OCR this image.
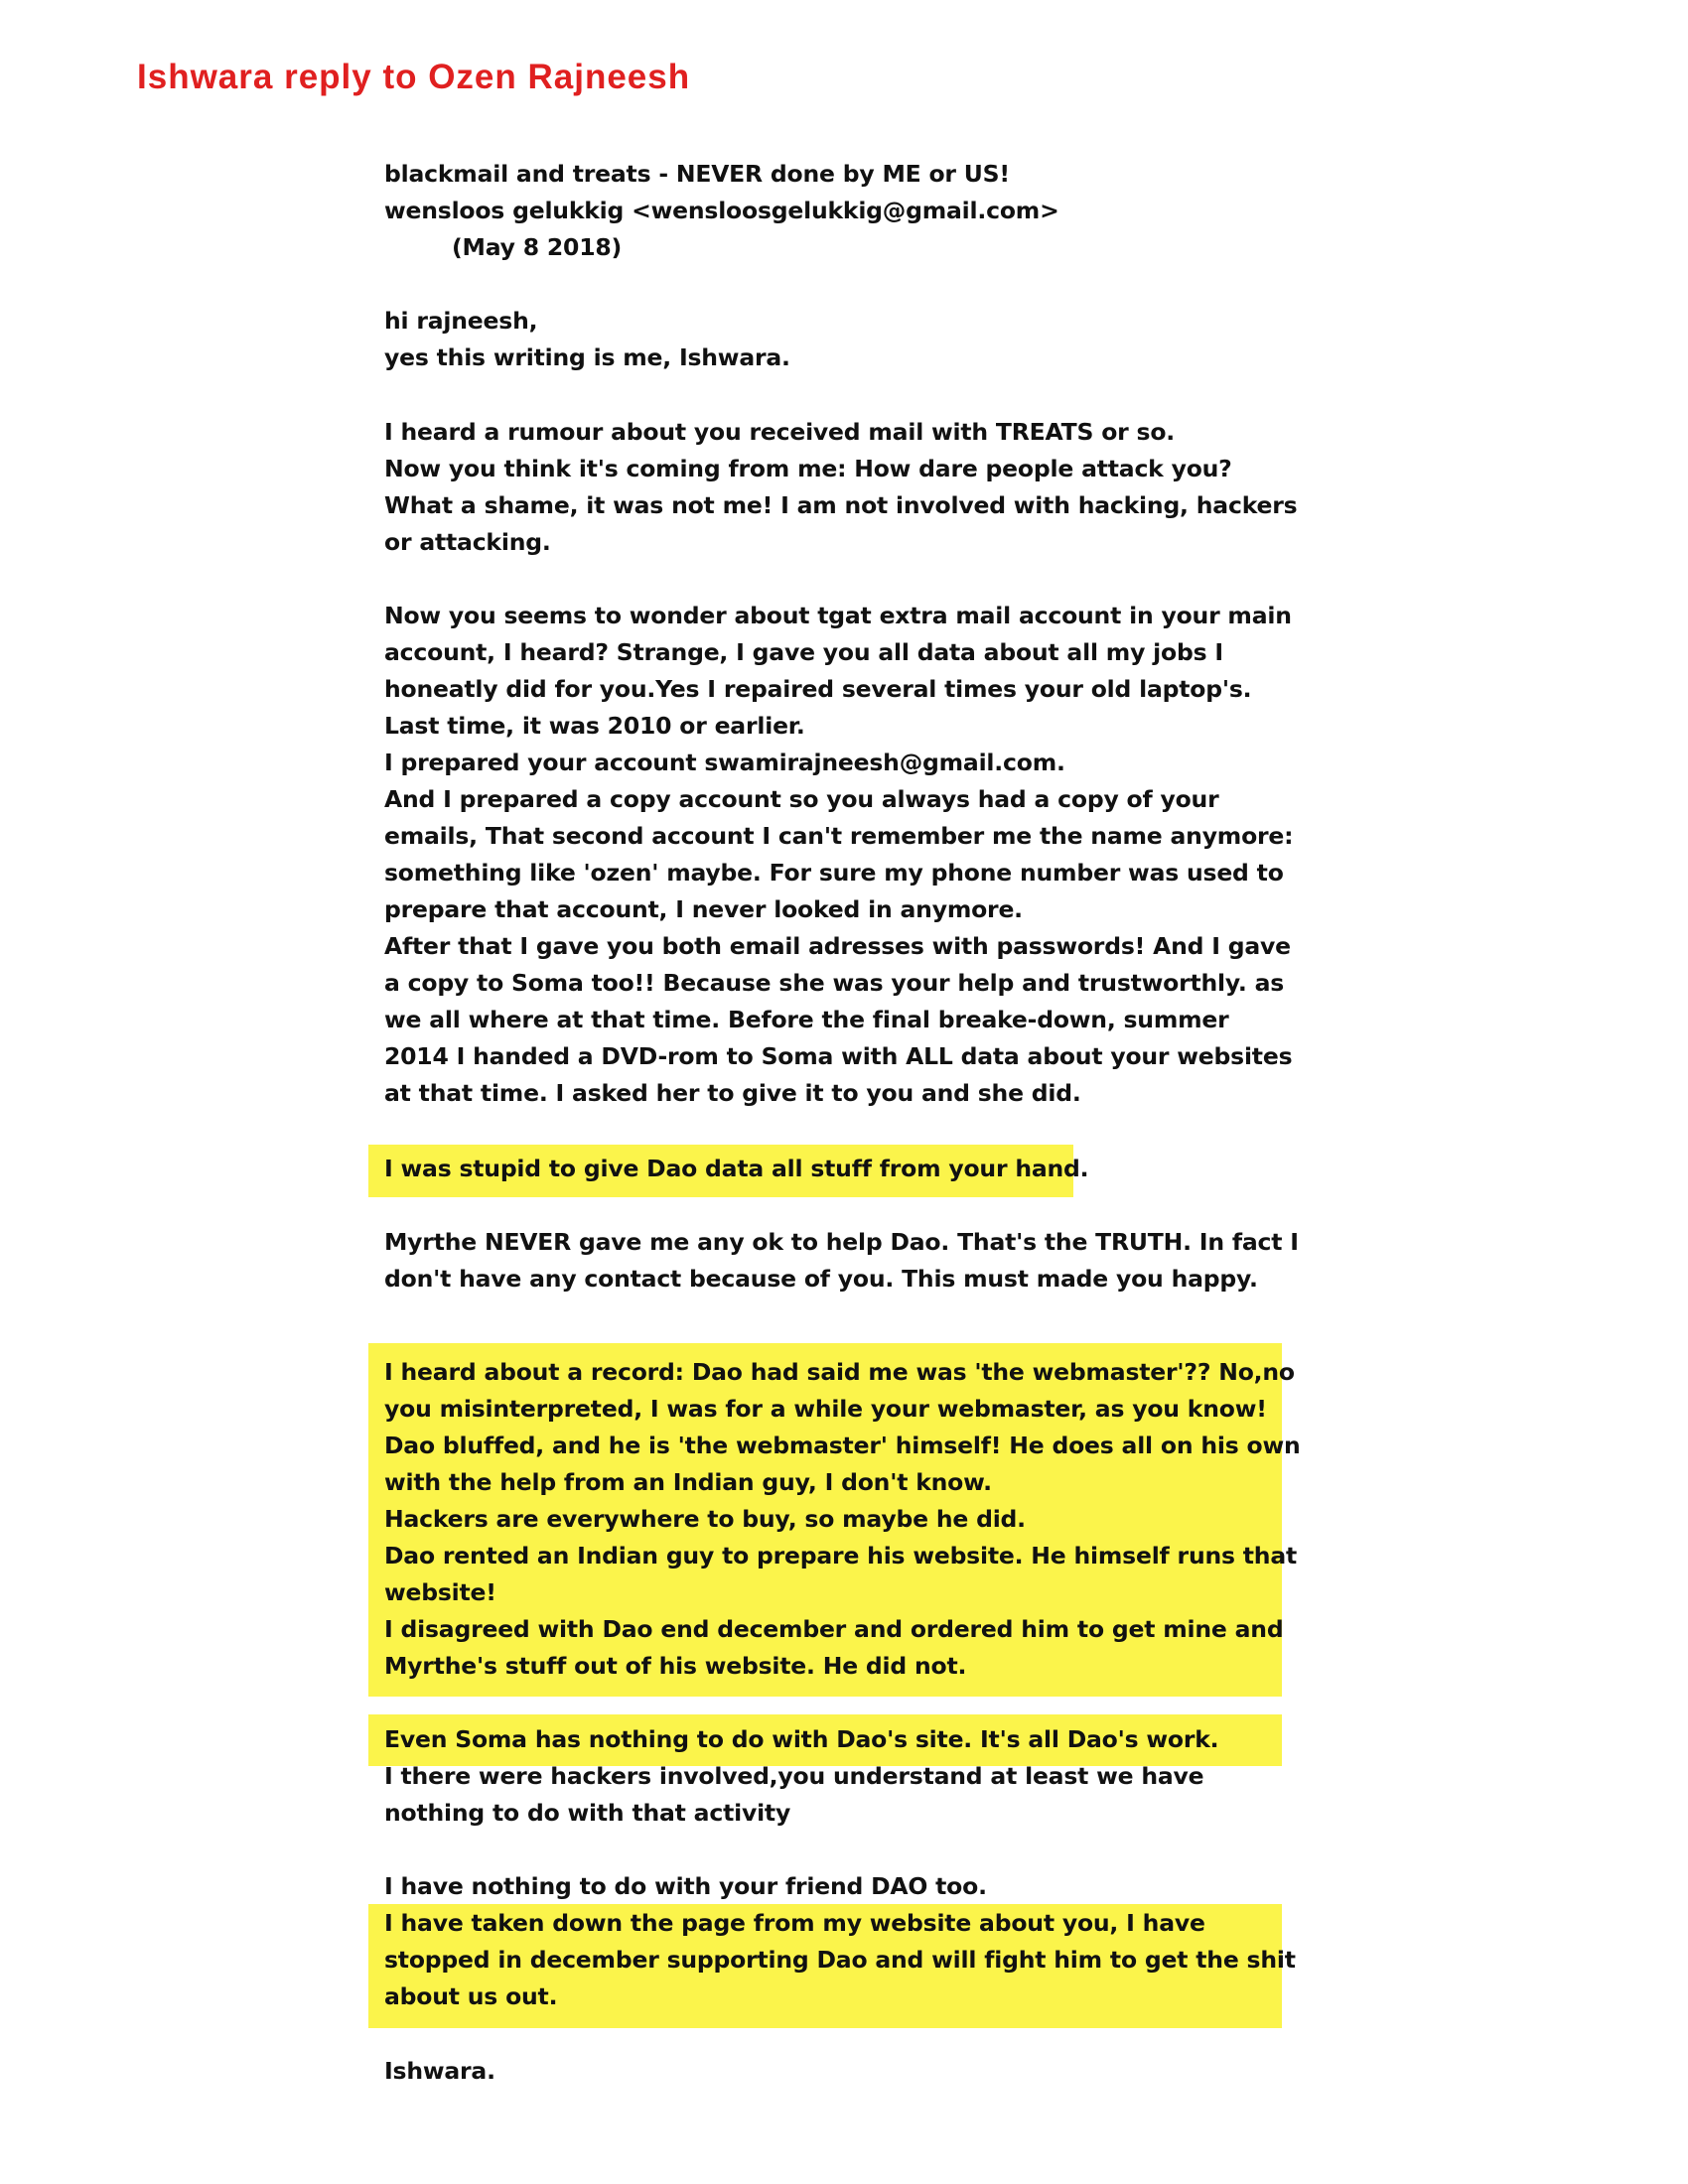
Ishwara reply to Ozen Rajneesh
blackmail and treats - NEVER done by ME or US!
wensloos gelukkig <wensloosgelukkig@gmail.com>
(May 8 2018)
hi rajneesh,
yes this writing is me, Ishwara.
I heard a rumour about you received mail with TREATS or so.
Now you think it's coming from me: How dare people attack you?
What a shame, it was not me! I am not involved with hacking, hackers
or attacking.
Now you seems to wonder about tgat extra mail account in your main
account, I heard? Strange, I gave you all data about all my jobs I
honeatly did for you.Yes I repaired several times your old laptop's.
Last time, it was 2010 or earlier.
I prepared your account swamirajneesh@gmail.com.
And I prepared a copy account so you always had a copy of your
emails, That second account I can't remember me the name anymore:
something like 'ozen' maybe. For sure my phone number was used to
prepare that account, I never looked in anymore.
After that I gave you both email adresses with passwords! And I gave
a copy to Soma too!! Because she was your help and trustworthly. as
we all where at that time. Before the final breake-down, summer
2014 I handed a DVD-rom to Soma with ALL data about your websites
at that time. I asked her to give it to you and she did.
I was stupid to give Dao data all stuff from your hand.
Myrthe NEVER gave me any ok to help Dao. That's the TRUTH. In fact I
don't have any contact because of you. This must made you happy.
I heard about a record: Dao had said me was 'the webmaster'?? No,no
you misinterpreted, I was for a while your webmaster, as you know!
Dao bluffed, and he is 'the webmaster' himself! He does all on his own
with the help from an Indian guy, I don't know.
Hackers are everywhere to buy, so maybe he did.
Dao rented an Indian guy to prepare his website. He himself runs that
website!
I disagreed with Dao end december and ordered him to get mine and
Myrthe's stuff out of his website. He did not.
Even Soma has nothing to do with Dao's site. It's all Dao's work.
I there were hackers involved,you understand at least we have
nothing to do with that activity
I have nothing to do with your friend DAO too.
I have taken down the page from my website about you, I have
stopped in december supporting Dao and will fight him to get the shit
about us out.
Ishwara.
